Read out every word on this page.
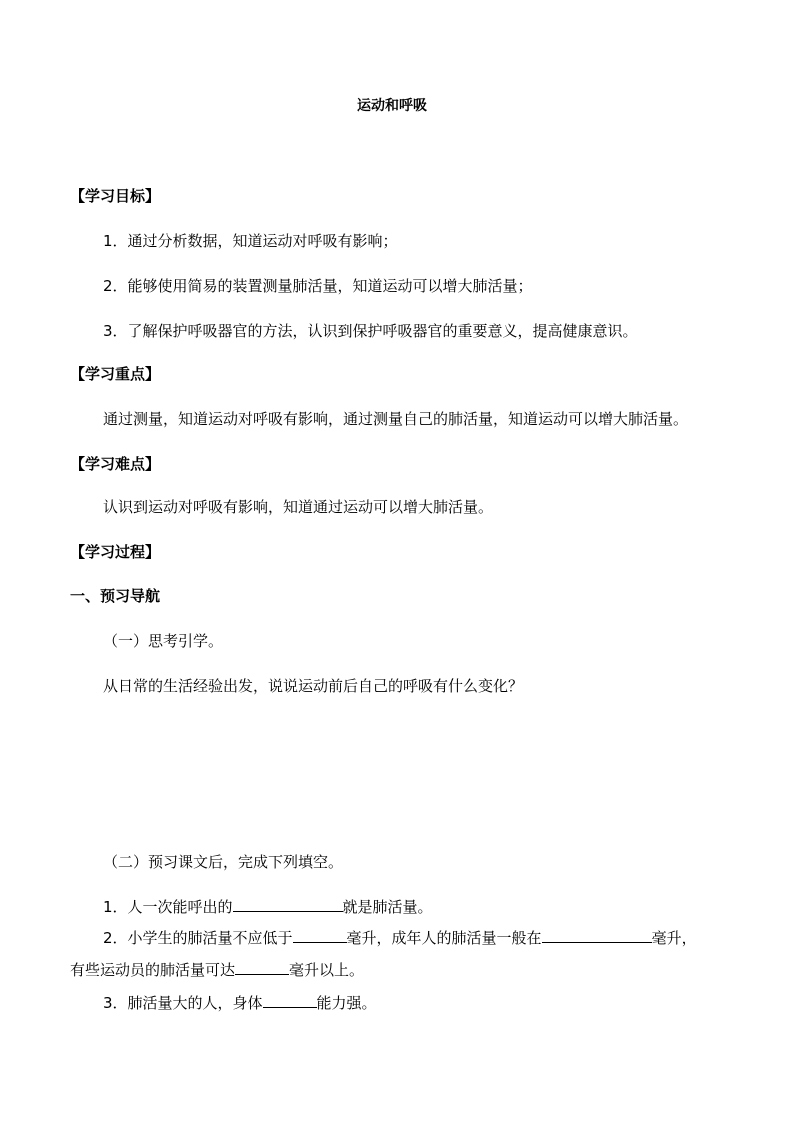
运动和呼吸
【学习目标】
1．通过分析数据，知道运动对呼吸有影响；
2．能够使用简易的装置测量肺活量，知道运动可以增大肺活量；
3．了解保护呼吸器官的方法，认识到保护呼吸器官的重要意义，提高健康意识。
【学习重点】
通过测量，知道运动对呼吸有影响，通过测量自己的肺活量，知道运动可以增大肺活量。
【学习难点】
认识到运动对呼吸有影响，知道通过运动可以增大肺活量。
【学习过程】
一、预习导航
（一）思考引学。
从日常的生活经验出发，说说运动前后自己的呼吸有什么变化？
（二）预习课文后，完成下列填空。
1．人一次能呼出的	就是肺活量。
2．小学生的肺活量不应低于	毫升，成年人的肺活量一般在	毫升，
有些运动员的肺活量可达	毫升以上。
3．肺活量大的人，身体	能力强。
